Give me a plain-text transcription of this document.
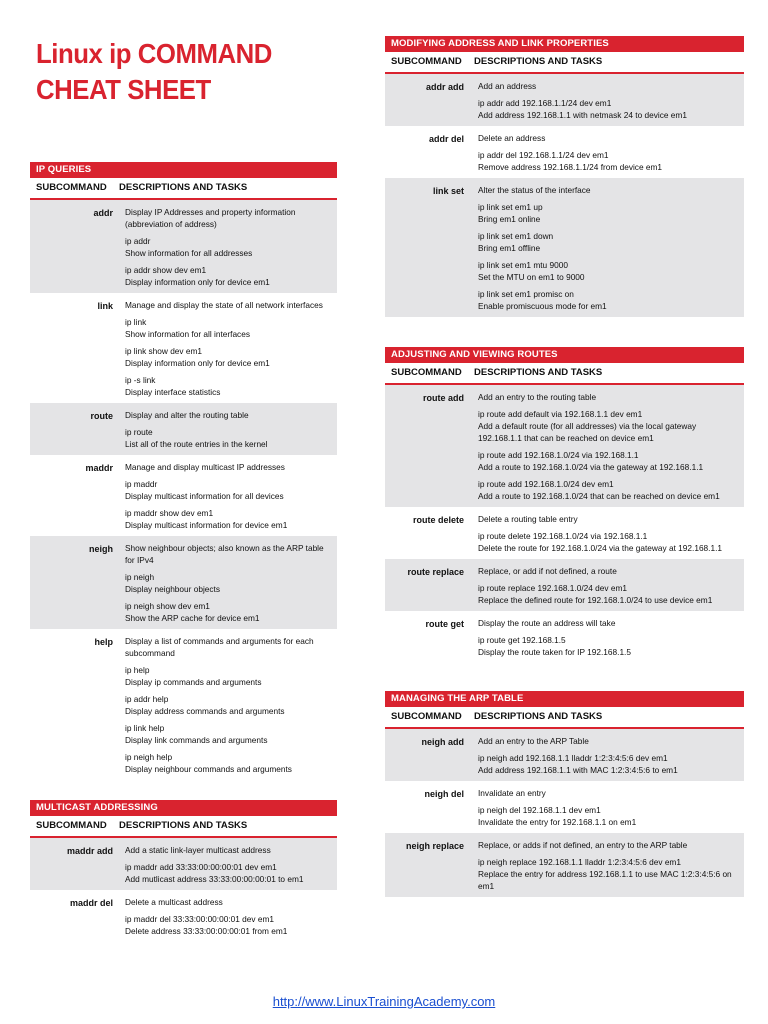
Linux ip COMMAND
CHEAT SHEET
IP QUERIES
SUBCOMMAND	DESCRIPTIONS AND TASKS
addr	Display IP Addresses and property information (abbreviation of address)
ip addr
Show information for all addresses
ip addr show dev em1
Display information only for device em1
link	Manage and display the state of all network interfaces
ip link
Show information for all interfaces
ip link show dev em1
Display information only for device em1
ip -s link
Display interface statistics
route	Display and alter the routing table
ip route
List all of the route entries in the kernel
maddr	Manage and display multicast IP addresses
ip maddr
Display multicast information for all devices
ip maddr show dev em1
Display multicast information for device em1
neigh	Show neighbour objects; also known as the ARP table for IPv4
ip neigh
Display neighbour objects
ip neigh show dev em1
Show the ARP cache for device em1
help	Display a list of commands and arguments for each subcommand
ip help
Display ip commands and arguments
ip addr help
Display address commands and arguments
ip link help
Display link commands and arguments
ip neigh help
Display neighbour commands and arguments
MULTICAST ADDRESSING
SUBCOMMAND	DESCRIPTIONS AND TASKS
maddr add	Add a static link-layer multicast address
ip maddr add 33:33:00:00:00:01 dev em1
Add mutlicast address 33:33:00:00:00:01 to em1
maddr del	Delete a multicast address
ip maddr del 33:33:00:00:00:01 dev em1
Delete address 33:33:00:00:00:01 from em1
MODIFYING ADDRESS AND LINK PROPERTIES
SUBCOMMAND	DESCRIPTIONS AND TASKS
addr add	Add an address
ip addr add 192.168.1.1/24 dev em1
Add address 192.168.1.1 with netmask 24 to device em1
addr del	Delete an address
ip addr del 192.168.1.1/24 dev em1
Remove address 192.168.1.1/24 from device em1
link set	Alter the status of the interface
ip link set em1 up
Bring em1 online
ip link set em1 down
Bring em1 offline
ip link set em1 mtu 9000
Set the MTU on em1 to 9000
ip link set em1 promisc on
Enable promiscuous mode for em1
ADJUSTING AND VIEWING ROUTES
SUBCOMMAND	DESCRIPTIONS AND TASKS
route add	Add an entry to the routing table
ip route add default via 192.168.1.1 dev em1
Add a default route (for all addresses) via the local gateway 192.168.1.1 that can be reached on device em1
ip route add 192.168.1.0/24 via 192.168.1.1
Add a route to 192.168.1.0/24 via the gateway at 192.168.1.1
ip route add 192.168.1.0/24 dev em1
Add a route to 192.168.1.0/24 that can be reached on device em1
route delete	Delete a routing table entry
ip route delete 192.168.1.0/24 via 192.168.1.1
Delete the route for 192.168.1.0/24 via the gateway at 192.168.1.1
route replace	Replace, or add if not defined, a route
ip route replace 192.168.1.0/24 dev em1
Replace the defined route for 192.168.1.0/24 to use device em1
route get	Display the route an address will take
ip route get 192.168.1.5
Display the route taken for IP 192.168.1.5
MANAGING THE ARP TABLE
SUBCOMMAND	DESCRIPTIONS AND TASKS
neigh add	Add an entry to the ARP Table
ip neigh add 192.168.1.1 lladdr 1:2:3:4:5:6 dev em1
Add address 192.168.1.1 with MAC 1:2:3:4:5:6 to em1
neigh del	Invalidate an entry
ip neigh del 192.168.1.1 dev em1
Invalidate the entry for 192.168.1.1 on em1
neigh replace	Replace, or adds if not defined, an entry to the ARP table
ip neigh replace 192.168.1.1 lladdr 1:2:3:4:5:6 dev em1
Replace the entry for address 192.168.1.1 to use MAC 1:2:3:4:5:6 on em1
http://www.LinuxTrainingAcademy.com
